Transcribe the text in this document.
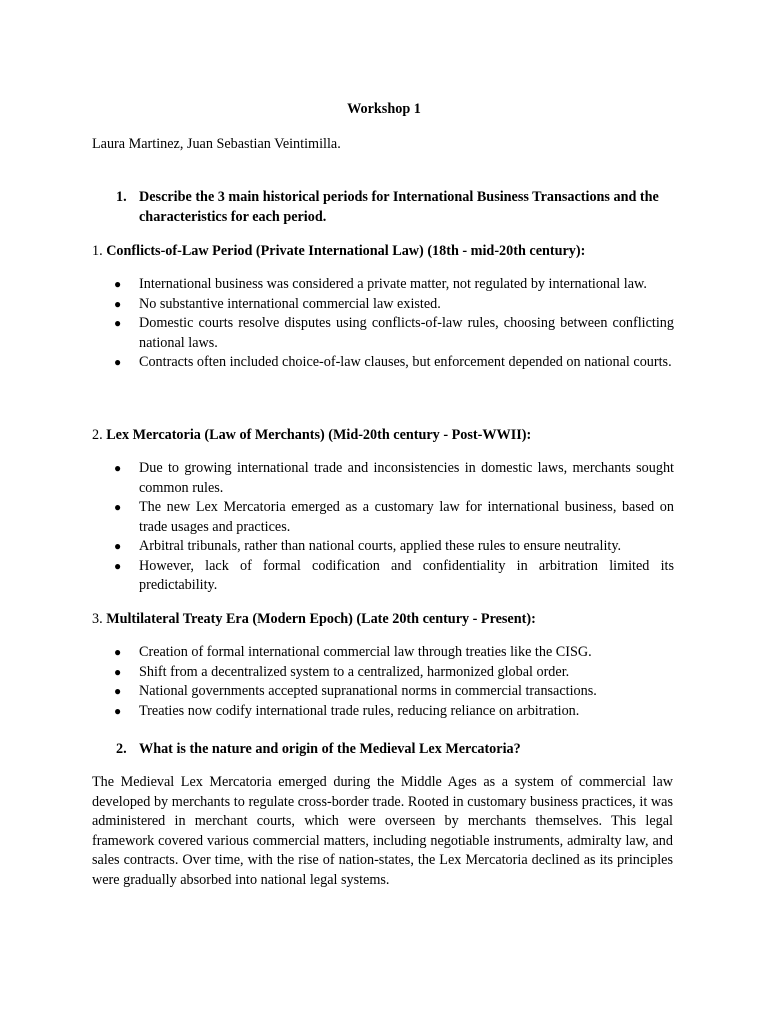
Workshop 1
Laura Martinez, Juan Sebastian Veintimilla.
1. Describe the 3 main historical periods for International Business Transactions and the characteristics for each period.
1. Conflicts-of-Law Period (Private International Law) (18th - mid-20th century):
● International business was considered a private matter, not regulated by international law.
● No substantive international commercial law existed.
● Domestic courts resolve disputes using conflicts-of-law rules, choosing between conflicting national laws.
● Contracts often included choice-of-law clauses, but enforcement depended on national courts.
2. Lex Mercatoria (Law of Merchants) (Mid-20th century - Post-WWII):
● Due to growing international trade and inconsistencies in domestic laws, merchants sought common rules.
● The new Lex Mercatoria emerged as a customary law for international business, based on trade usages and practices.
● Arbitral tribunals, rather than national courts, applied these rules to ensure neutrality.
● However, lack of formal codification and confidentiality in arbitration limited its predictability.
3. Multilateral Treaty Era (Modern Epoch) (Late 20th century - Present):
● Creation of formal international commercial law through treaties like the CISG.
● Shift from a decentralized system to a centralized, harmonized global order.
● National governments accepted supranational norms in commercial transactions.
● Treaties now codify international trade rules, reducing reliance on arbitration.
2. What is the nature and origin of the Medieval Lex Mercatoria?
The Medieval Lex Mercatoria emerged during the Middle Ages as a system of commercial law developed by merchants to regulate cross-border trade. Rooted in customary business practices, it was administered in merchant courts, which were overseen by merchants themselves. This legal framework covered various commercial matters, including negotiable instruments, admiralty law, and sales contracts. Over time, with the rise of nation-states, the Lex Mercatoria declined as its principles were gradually absorbed into national legal systems.
